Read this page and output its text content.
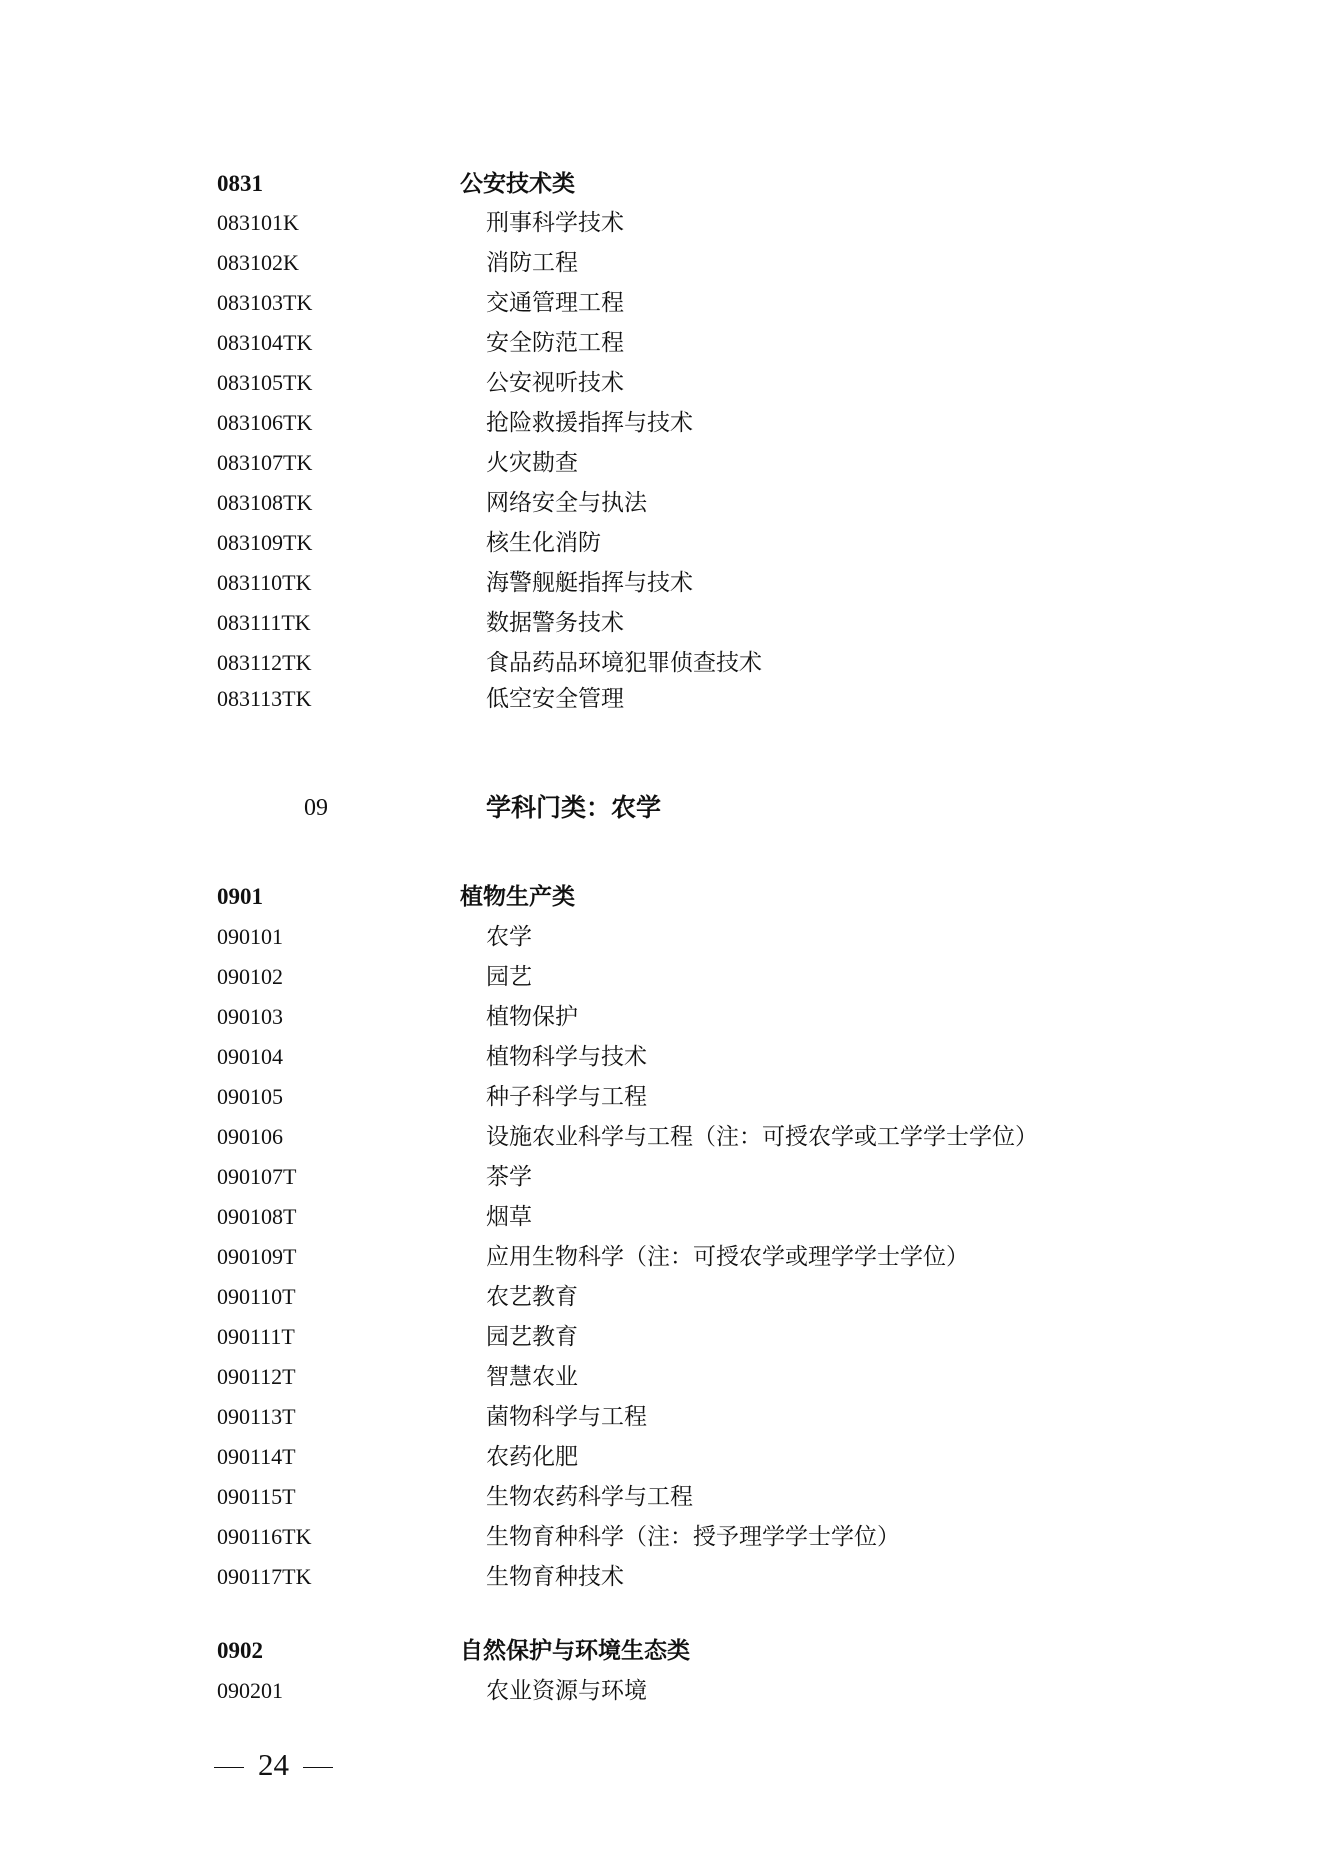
0831	公安技术类
083101K	刑事科学技术
083102K	消防工程
083103TK	交通管理工程
083104TK	安全防范工程
083105TK	公安视听技术
083106TK	抢险救援指挥与技术
083107TK	火灾勘查
083108TK	网络安全与执法
083109TK	核生化消防
083110TK	海警舰艇指挥与技术
083111TK	数据警务技术
083112TK	食品药品环境犯罪侦查技术
083113TK	低空安全管理
09	学科门类：农学
0901	植物生产类
090101	农学
090102	园艺
090103	植物保护
090104	植物科学与技术
090105	种子科学与工程
090106	设施农业科学与工程（注：可授农学或工学学士学位）
090107T	茶学
090108T	烟草
090109T	应用生物科学（注：可授农学或理学学士学位）
090110T	农艺教育
090111T	园艺教育
090112T	智慧农业
090113T	菌物科学与工程
090114T	农药化肥
090115T	生物农药科学与工程
090116TK	生物育种科学（注：授予理学学士学位）
090117TK	生物育种技术
0902	自然保护与环境生态类
090201	农业资源与环境
24
